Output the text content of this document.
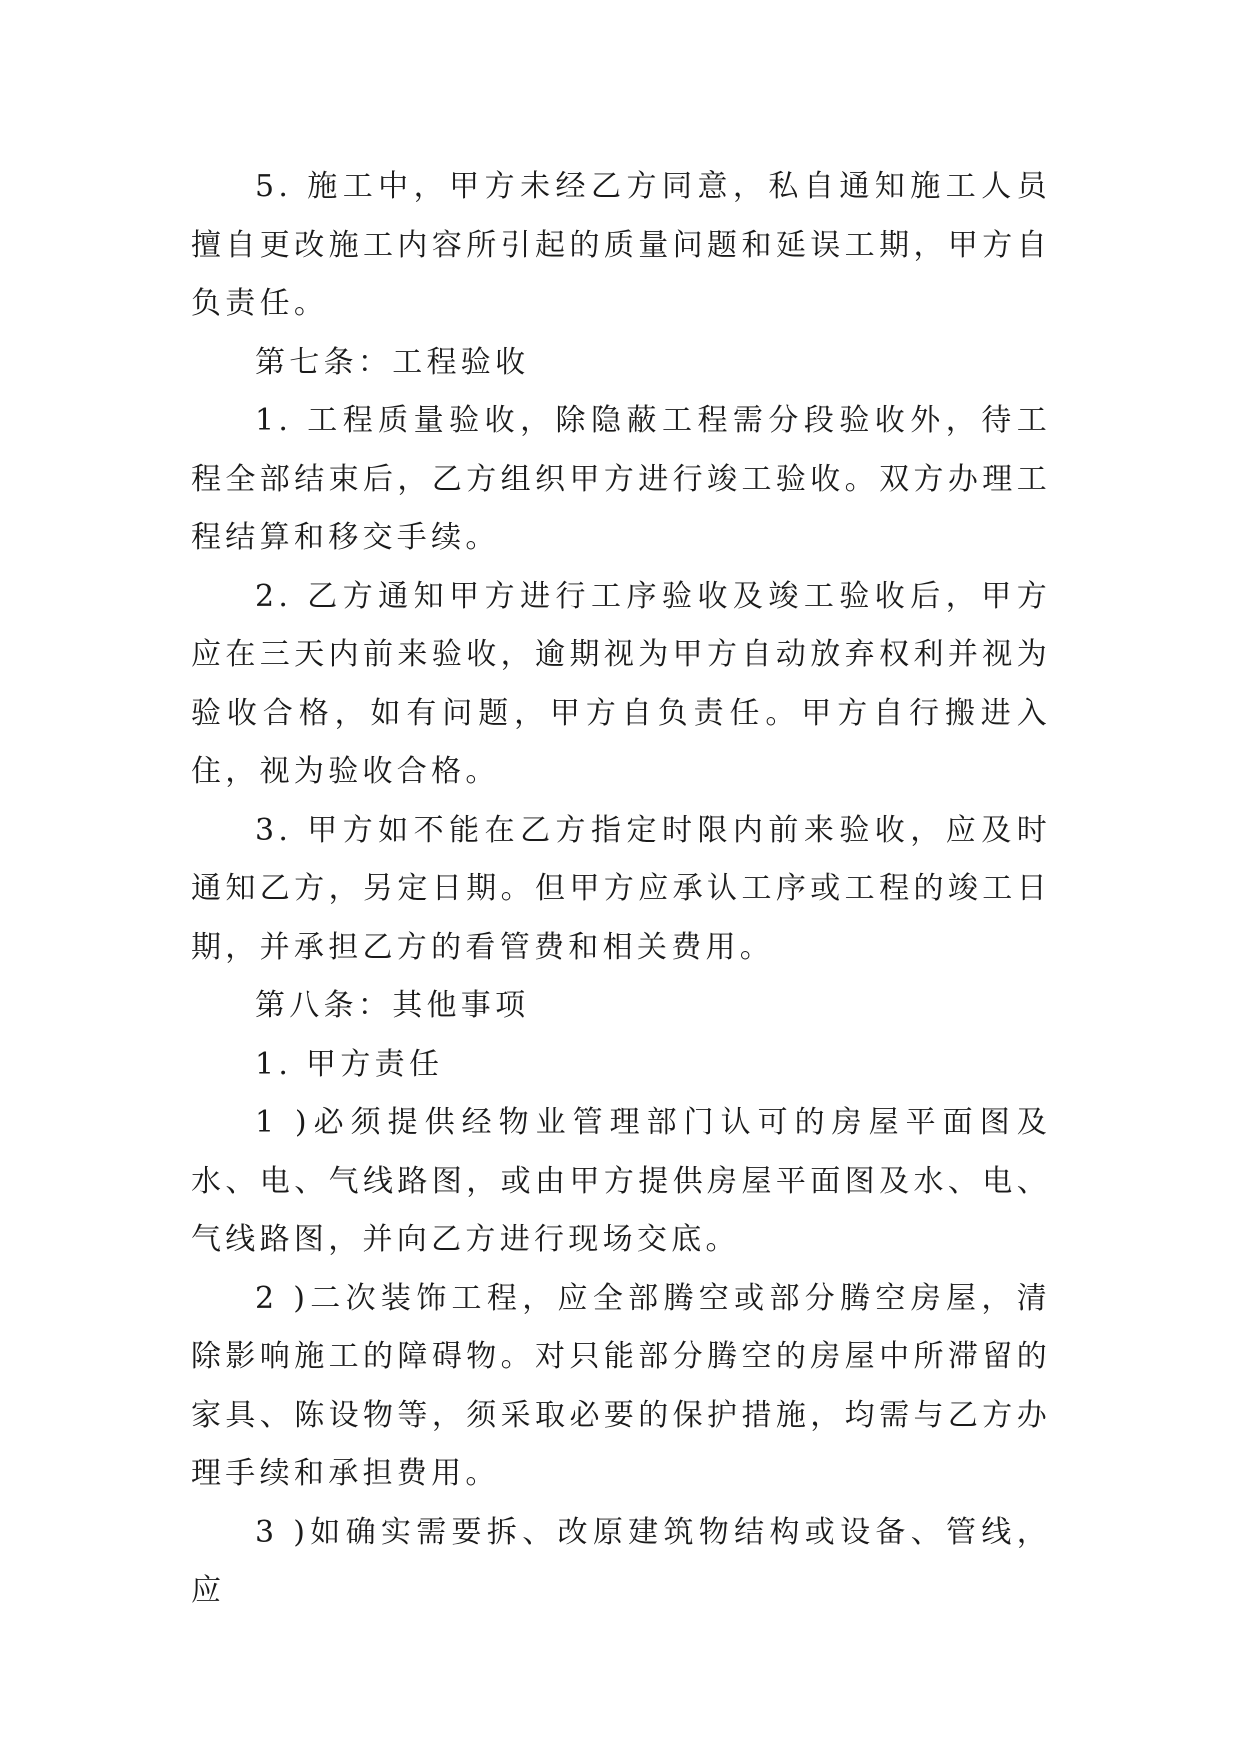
5. 施工中，甲方未经乙方同意，私自通知施工人员擅自更改施工内容所引起的质量问题和延误工期，甲方自负责任。

第七条：工程验收

1. 工程质量验收，除隐蔽工程需分段验收外，待工程全部结束后，乙方组织甲方进行竣工验收。双方办理工程结算和移交手续。

2. 乙方通知甲方进行工序验收及竣工验收后，甲方应在三天内前来验收，逾期视为甲方自动放弃权利并视为验收合格，如有问题，甲方自负责任。甲方自行搬进入住，视为验收合格。

3. 甲方如不能在乙方指定时限内前来验收，应及时通知乙方，另定日期。但甲方应承认工序或工程的竣工日期，并承担乙方的看管费和相关费用。

第八条：其他事项

1. 甲方责任

1 )必须提供经物业管理部门认可的房屋平面图及水、电、气线路图，或由甲方提供房屋平面图及水、电、气线路图，并向乙方进行现场交底。

2 )二次装饰工程，应全部腾空或部分腾空房屋，清除影响施工的障碍物。对只能部分腾空的房屋中所滞留的家具、陈设物等，须采取必要的保护措施，均需与乙方办理手续和承担费用。

3 )如确实需要拆、改原建筑物结构或设备、管线，应
